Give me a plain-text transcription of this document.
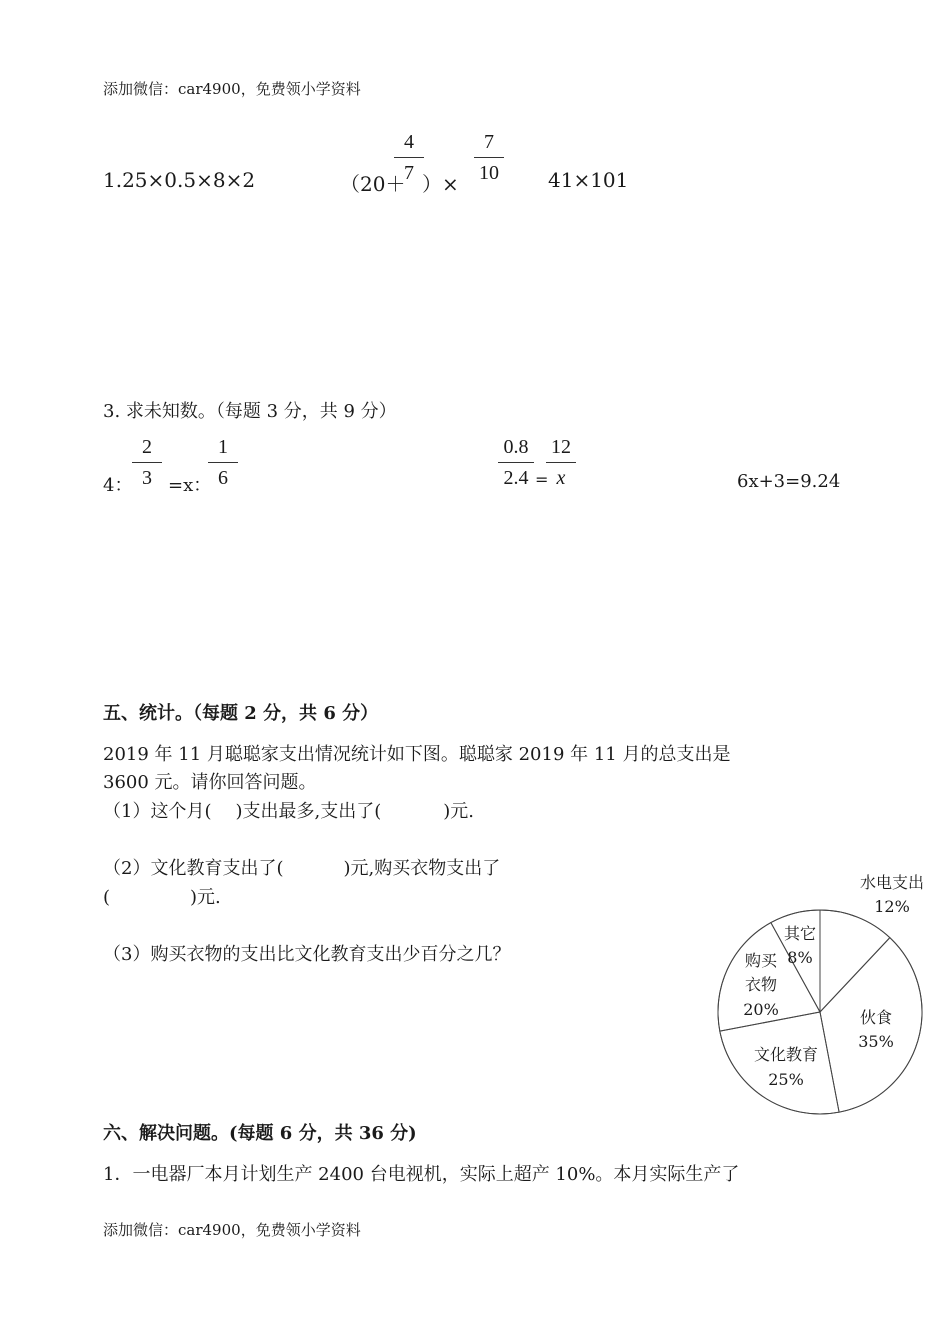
添加微信：car4900，免费领小学资料
1.25×0.5×8×2	（20＋
4
7 ）×
7
10 41×101
3. 求未知数。（每题 3 分，共 9 分）
4：
2
3 =x：
1
6
0.8
2.4 =
12
x	6x+3=9.24
五、统计。（每题 2 分，共 6 分）
2019 年 11 月聪聪家支出情况统计如下图。聪聪家 2019 年 11 月的总支出是
3600 元。请你回答问题。
（1）这个月( )支出最多,支出了(	)元.
（2）文化教育支出了(	)元,购买衣物支出了
(	)元.
（3）购买衣物的支出比文化教育支出少百分之几？
水电支出
12%
伙食
35%
文化教育
25%
购买
衣物
20%
其它
8%
六、解决问题。(每题 6 分，共 36 分)
1．一电器厂本月计划生产 2400 台电视机，实际上超产 10%。本月实际生产了
添加微信：car4900，免费领小学资料
